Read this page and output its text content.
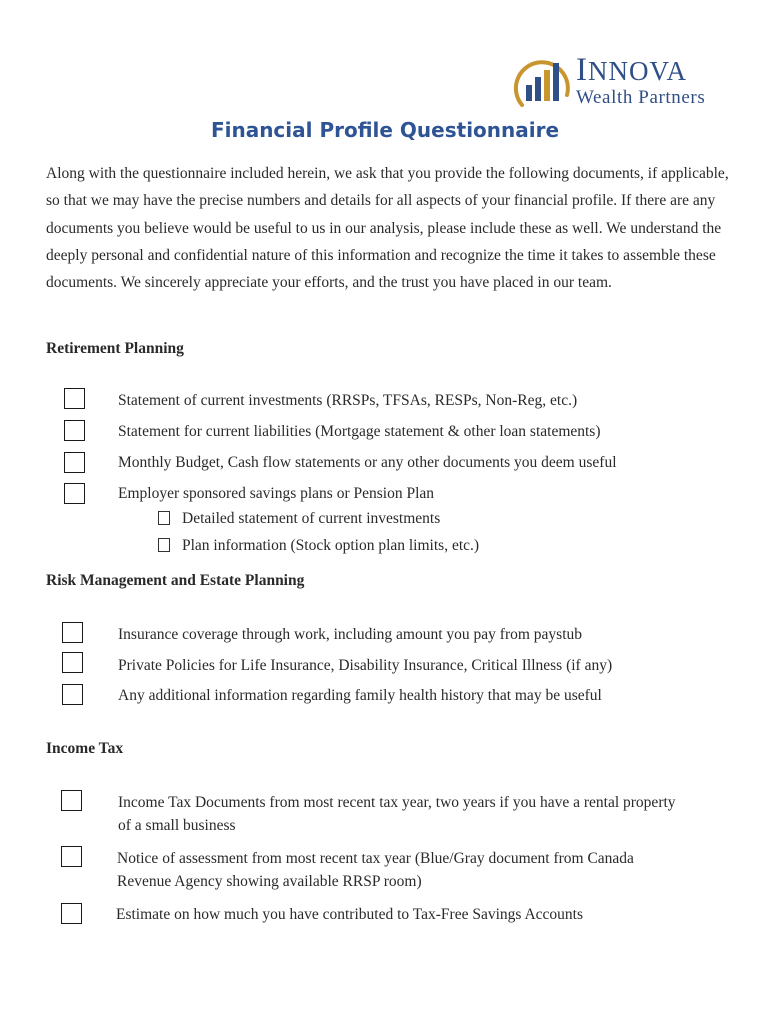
INNOVA
Wealth Partners
Financial Profile Questionnaire

Along with the questionnaire included herein, we ask that you provide the following documents, if applicable, so that we may have the precise numbers and details for all aspects of your financial profile. If there are any documents you believe would be useful to us in our analysis, please include these as well. We understand the deeply personal and confidential nature of this information and recognize the time it takes to assemble these documents. We sincerely appreciate your efforts, and the trust you have placed in our team.

Retirement Planning
Statement of current investments (RRSPs, TFSAs, RESPs, Non-Reg, etc.)
Statement for current liabilities (Mortgage statement & other loan statements)
Monthly Budget, Cash flow statements or any other documents you deem useful
Employer sponsored savings plans or Pension Plan
Detailed statement of current investments
Plan information (Stock option plan limits, etc.)
Risk Management and Estate Planning
Insurance coverage through work, including amount you pay from paystub
Private Policies for Life Insurance, Disability Insurance, Critical Illness (if any)
Any additional information regarding family health history that may be useful
Income Tax
Income Tax Documents from most recent tax year, two years if you have a rental property
of a small business
Notice of assessment from most recent tax year (Blue/Gray document from Canada
Revenue Agency showing available RRSP room)
Estimate on how much you have contributed to Tax-Free Savings Accounts
